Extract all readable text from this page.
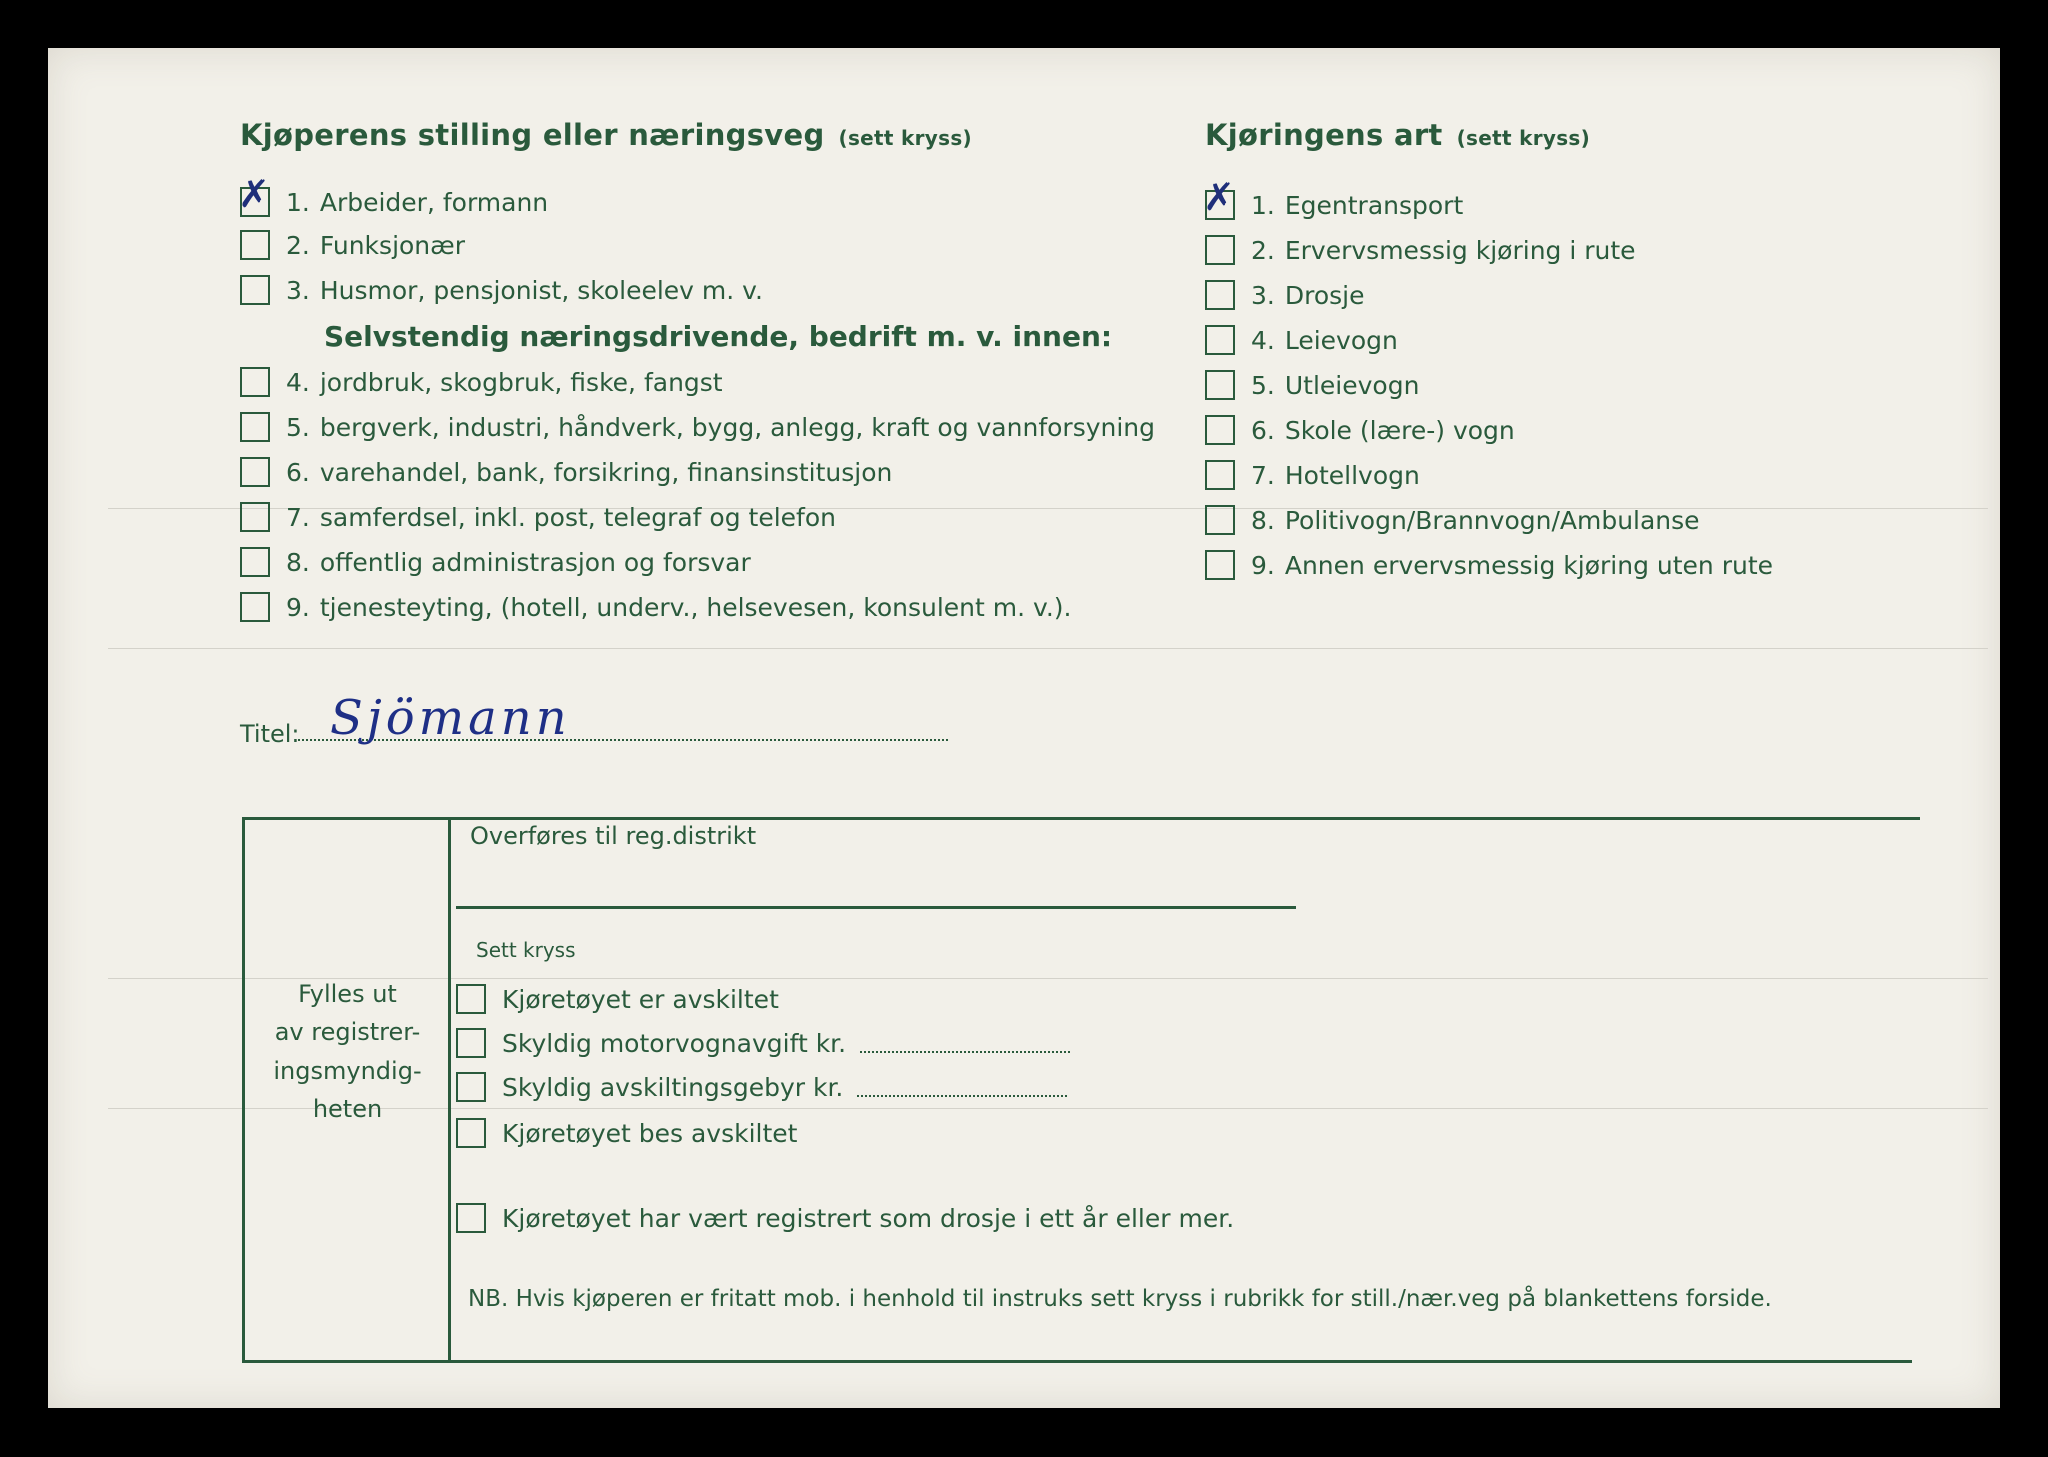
Kjøperens stilling eller næringsveg (sett kryss)
✗ 1. Arbeider, formann
2. Funksjonær
3. Husmor, pensjonist, skoleelev m. v.
Selvstendig næringsdrivende, bedrift m. v. innen:
4. jordbruk, skogbruk, fiske, fangst
5. bergverk, industri, håndverk, bygg, anlegg, kraft og vannforsyning
6. varehandel, bank, forsikring, finansinstitusjon
7. samferdsel, inkl. post, telegraf og telefon
8. offentlig administrasjon og forsvar
9. tjenesteyting, (hotell, underv., helsevesen, konsulent m. v.).
Kjøringens art (sett kryss)
✗ 1. Egentransport
2. Ervervsmessig kjøring i rute
3. Drosje
4. Leievogn
5. Utleievogn
6. Skole (lære-) vogn
7. Hotellvogn
8. Politivogn/Brannvogn/Ambulanse
9. Annen ervervsmessig kjøring uten rute
Titel: Sjömann
Fylles ut
av registrer-
ingsmyndig-
heten
Overføres til reg.distrikt
Sett kryss
Kjøretøyet er avskiltet
Skyldig motorvognavgift kr.
Skyldig avskiltingsgebyr kr.
Kjøretøyet bes avskiltet
Kjøretøyet har vært registrert som drosje i ett år eller mer.
NB. Hvis kjøperen er fritatt mob. i henhold til instruks sett kryss i rubrikk for still./nær.veg på blankettens forside.
